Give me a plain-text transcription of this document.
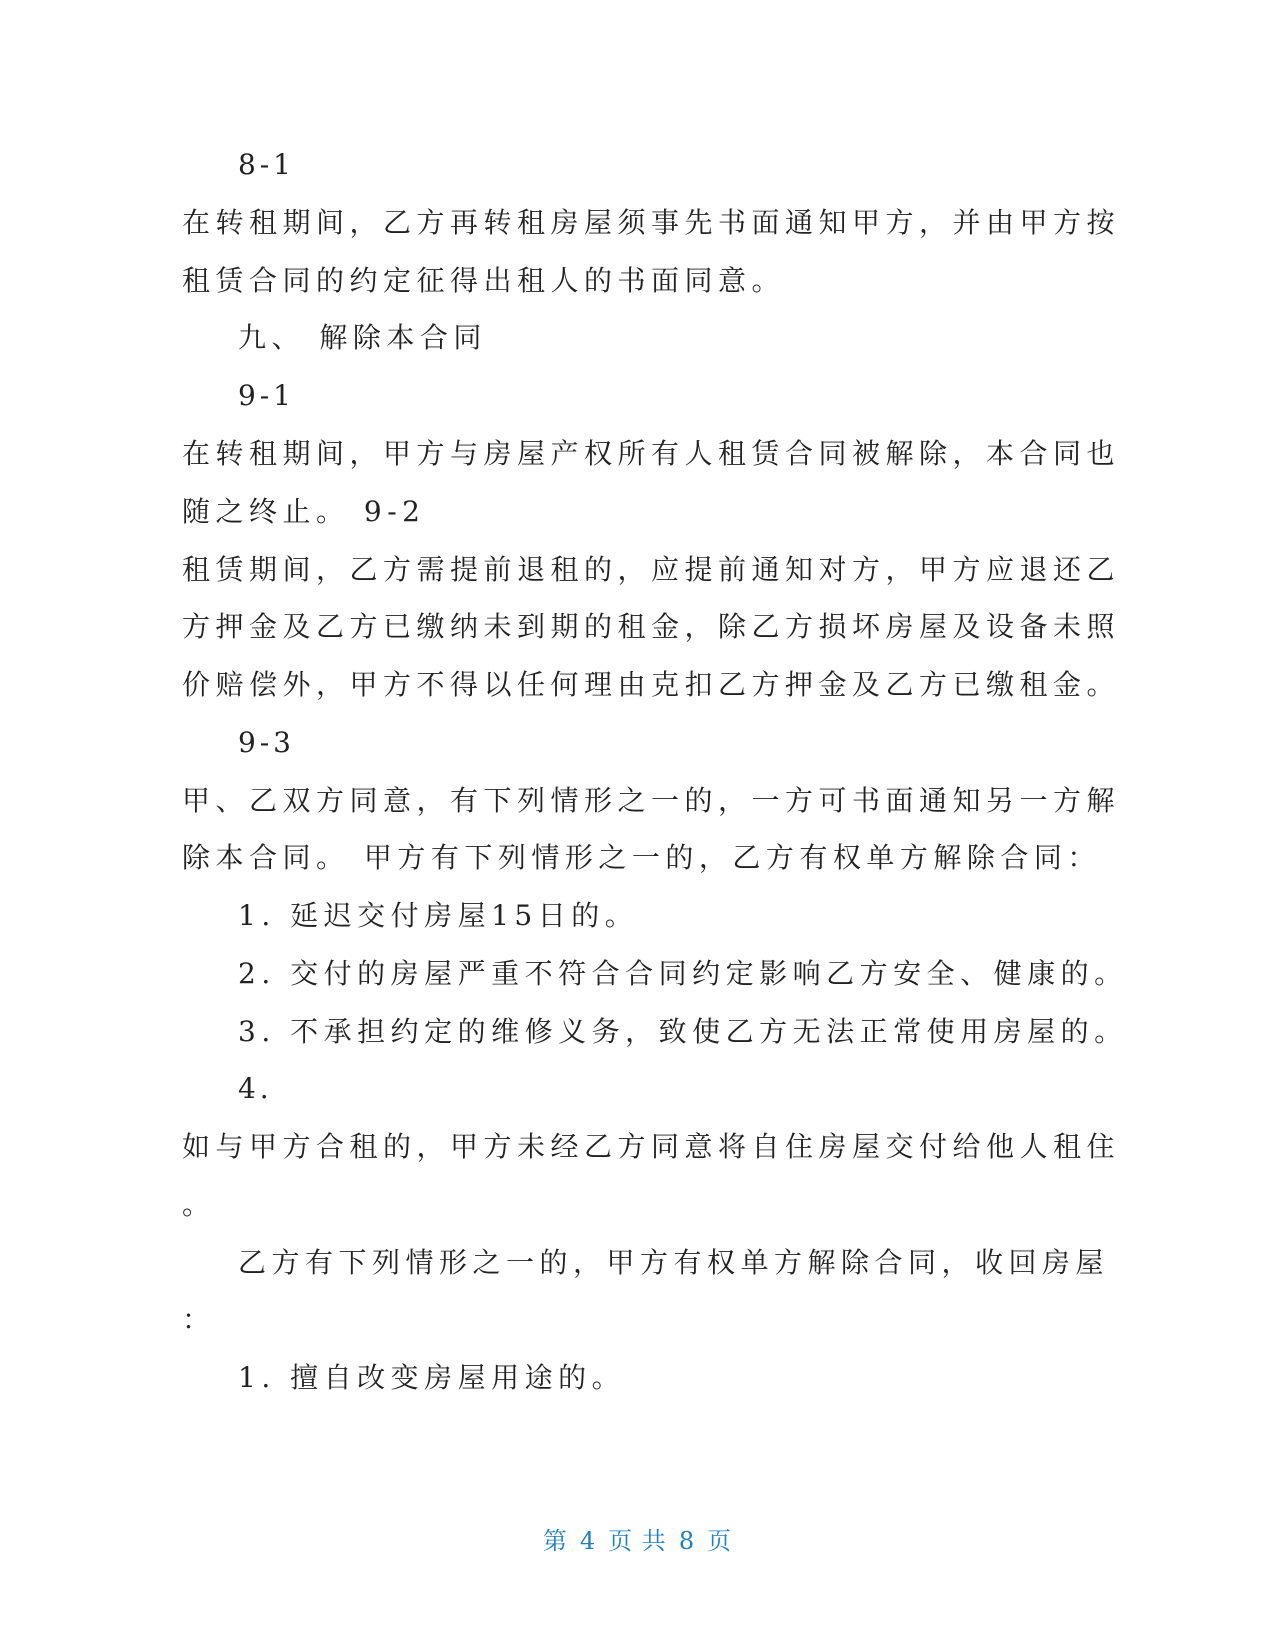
8-1
在转租期间，乙方再转租房屋须事先书面通知甲方，并由甲方按
租赁合同的约定征得出租人的书面同意。
九、 解除本合同
9-1
在转租期间，甲方与房屋产权所有人租赁合同被解除，本合同也
随之终止。 9-2
租赁期间，乙方需提前退租的，应提前通知对方，甲方应退还乙
方押金及乙方已缴纳未到期的租金，除乙方损坏房屋及设备未照
价赔偿外，甲方不得以任何理由克扣乙方押金及乙方已缴租金。
9-3
甲、乙双方同意，有下列情形之一的，一方可书面通知另一方解
除本合同。 甲方有下列情形之一的，乙方有权单方解除合同：
1. 延迟交付房屋15日的。
2. 交付的房屋严重不符合合同约定影响乙方安全、健康的。
3. 不承担约定的维修义务，致使乙方无法正常使用房屋的。
4.
如与甲方合租的，甲方未经乙方同意将自住房屋交付给他人租住
。
乙方有下列情形之一的，甲方有权单方解除合同，收回房屋
：
1. 擅自改变房屋用途的。
第 4 页 共 8 页
